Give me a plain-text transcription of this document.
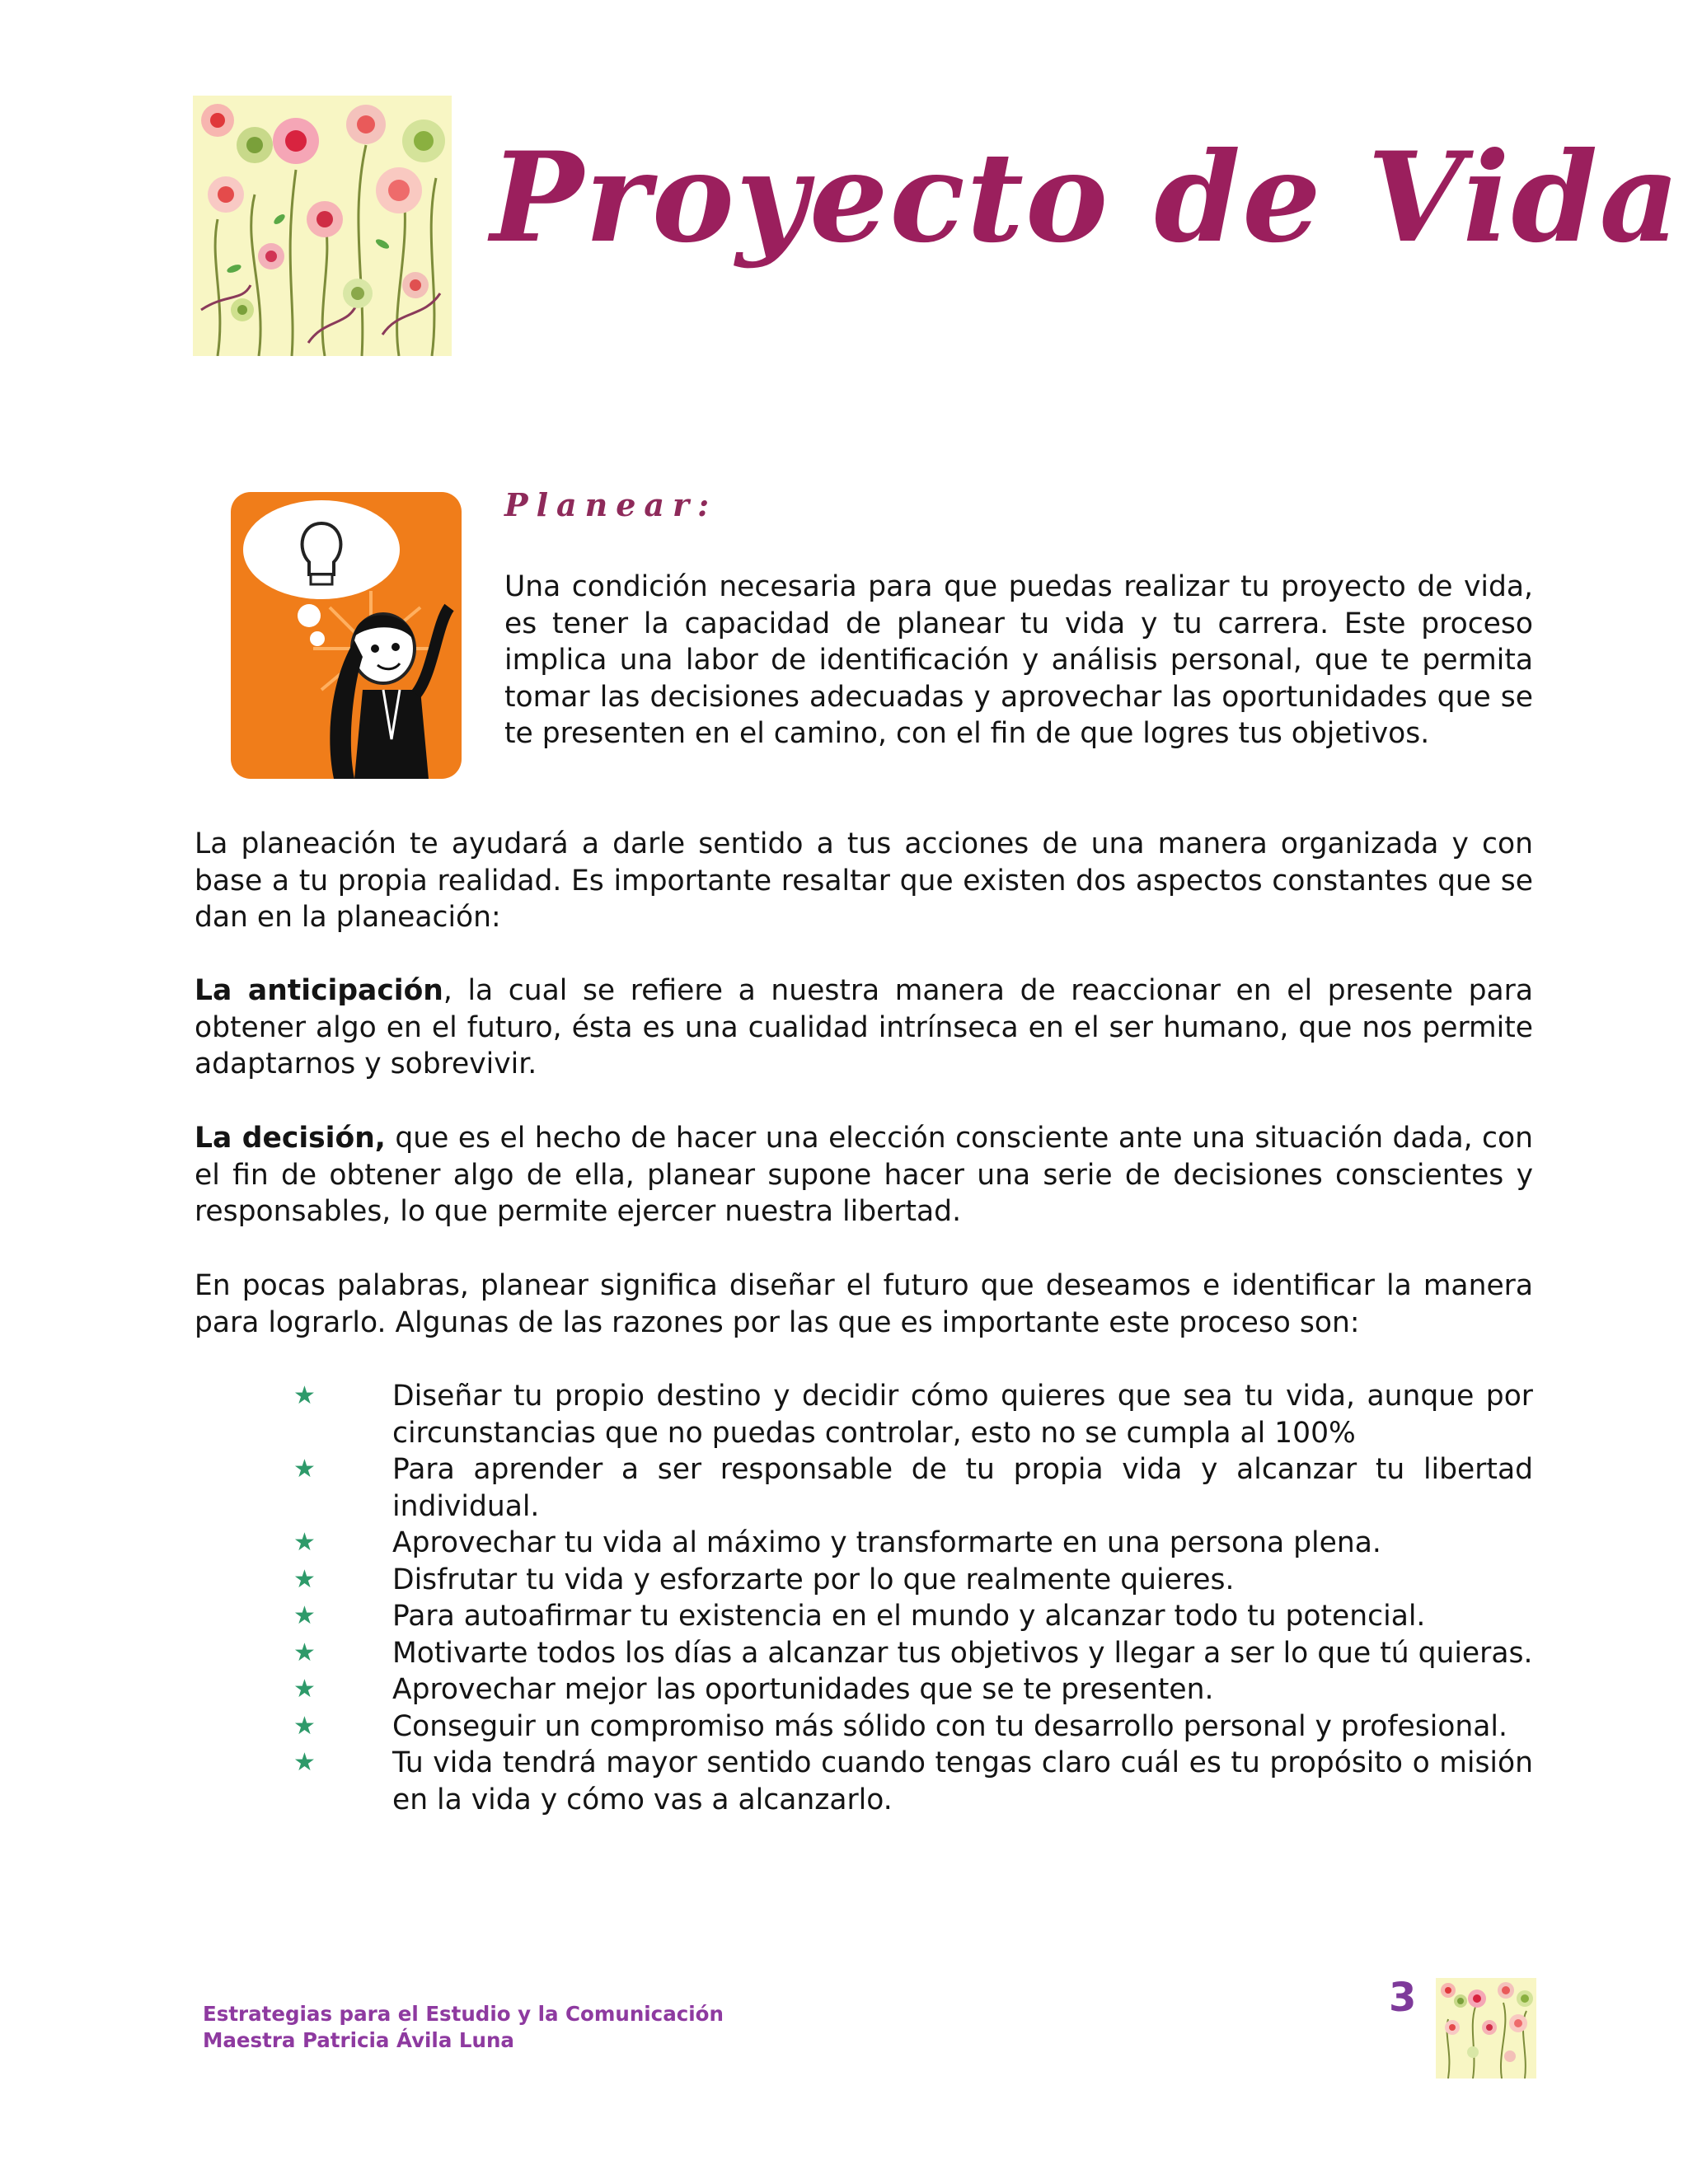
Proyecto de Vida
Planear:

Una condición necesaria para que puedas realizar tu proyecto de vida, es tener la capacidad de planear tu vida y tu carrera. Este proceso implica una labor de identificación y análisis personal, que te permita tomar las decisiones adecuadas y aprovechar las oportunidades que se te presenten en el camino, con el fin de que logres tus objetivos.

La planeación te ayudará a darle sentido a tus acciones de una manera organizada y con base a tu propia realidad. Es importante resaltar que existen dos aspectos constantes que se dan en la planeación:

La anticipación, la cual se refiere a nuestra manera de reaccionar en el presente para obtener algo en el futuro, ésta es una cualidad intrínseca en el ser humano, que nos permite adaptarnos y sobrevivir.

La decisión, que es el hecho de hacer una elección consciente ante una situación dada, con el fin de obtener algo de ella, planear supone hacer una serie de decisiones conscientes y responsables, lo que permite ejercer nuestra libertad.

En pocas palabras, planear significa diseñar el futuro que deseamos e identificar la manera para lograrlo. Algunas de las razones por las que es importante este proceso son:

★	Diseñar tu propio destino y decidir cómo quieres que sea tu vida, aunque por circunstancias que no puedas controlar, esto no se cumpla al 100%
★	Para aprender a ser responsable de tu propia vida y alcanzar tu libertad individual.
★	Aprovechar tu vida al máximo y transformarte en una persona plena.
★	Disfrutar tu vida y esforzarte por lo que realmente quieres.
★	Para autoafirmar tu existencia en el mundo y alcanzar todo tu potencial.
★	Motivarte todos los días a alcanzar tus objetivos y llegar a ser lo que tú quieras.
★	Aprovechar mejor las oportunidades que se te presenten.
★	Conseguir un compromiso más sólido con tu desarrollo personal y profesional.
★	Tu vida tendrá mayor sentido cuando tengas claro cuál es tu propósito o misión en la vida y cómo vas a alcanzarlo.
Estrategias para el Estudio y la Comunicación
Maestra Patricia Ávila Luna
3
